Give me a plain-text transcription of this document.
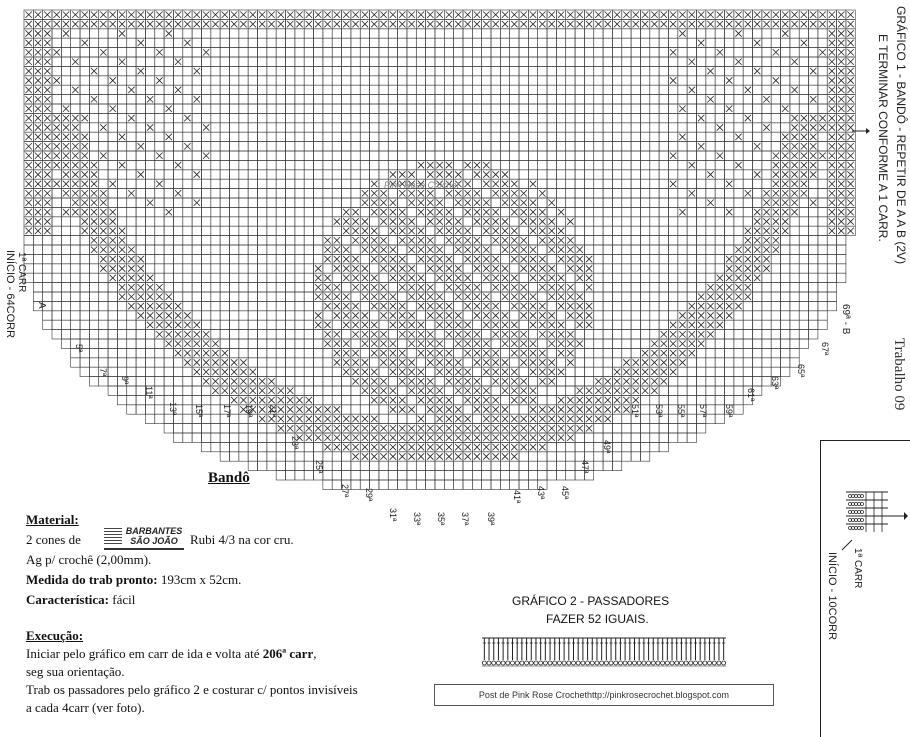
GRÁFICO 1 - BANDÔ - REPETIR DE A A B (2V)
E TERMINAR CONFORME A 1 CARR.
INÍCIO - 64CORR 1ª CARR
A	69ª - B
Pink Rose Crochet
5ª
7ª
9ª
11ª
13ª 15ª 17ª 19ª 21ª
23ª
25ª
27ª 29ª
31ª 33ª 35ª 37ª 39ª
41ª 43ª 45ª
47ª
49ª
51ª 53ª 55ª 57ª 59ª
61ª
63ª
65ª
67ª	Trabalho 09
1ª CARR
INÍCIO - 10CORR
Bandô
Material:
2 cones de
BARBANTES
SÃO JOÃO Rubi 4/3 na cor cru.
Ag p/ crochê (2,00mm).
Medida do trab pronto: 193cm x 52cm.
Característica: fácil
Execução:
Iniciar pelo gráfico em carr de ida e volta até 206ª carr,
seg sua orientação.
Trab os passadores pelo gráfico 2 e costurar c/ pontos invisíveis
a cada 4carr (ver foto).
GRÁFICO 2 - PASSADORES
FAZER 52 IGUAIS.
Post de Pink Rose Crochethttp://pinkrosecrochet.blogspot.com
